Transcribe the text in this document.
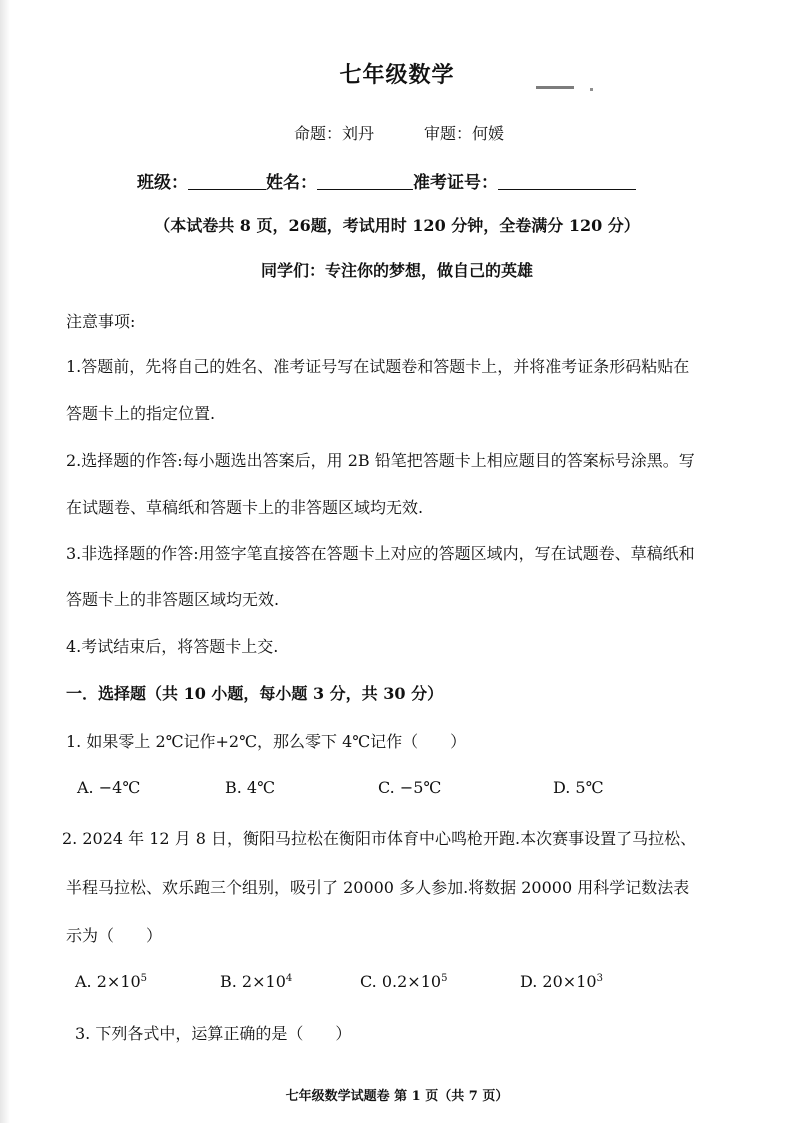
七年级数学
命题：刘丹	审题：何媛
班级：	姓名：	准考证号：
（本试卷共 8 页，26题，考试用时 120 分钟，全卷满分 120 分）
同学们：专注你的梦想，做自己的英雄
注意事项:
1.答题前，先将自己的姓名、准考证号写在试题卷和答题卡上，并将准考证条形码粘贴在
答题卡上的指定位置.
2.选择题的作答:每小题选出答案后，用 2B 铅笔把答题卡上相应题目的答案标号涂黑。写
在试题卷、草稿纸和答题卡上的非答题区域均无效.
3.非选择题的作答:用签字笔直接答在答题卡上对应的答题区域内，写在试题卷、草稿纸和
答题卡上的非答题区域均无效.
4.考试结束后，将答题卡上交.
一．选择题（共 10 小题，每小题 3 分，共 30 分）
1. 如果零上 2℃记作+2℃，那么零下 4℃记作（　　）
A. −4℃	B. 4℃	C. −5℃	D. 5℃
2. 2024 年 12 月 8 日，衡阳马拉松在衡阳市体育中心鸣枪开跑.本次赛事设置了马拉松、
半程马拉松、欢乐跑三个组别，吸引了 20000 多人参加.将数据 20000 用科学记数法表
示为（　　）
A. $2\times 10^5$	B. $2\times 10^4$	C. $0.2\times 10^5$	D. $20\times 10^3$
3. 下列各式中，运算正确的是（　　）
七年级数学试题卷 第 1 页（共 7 页）
